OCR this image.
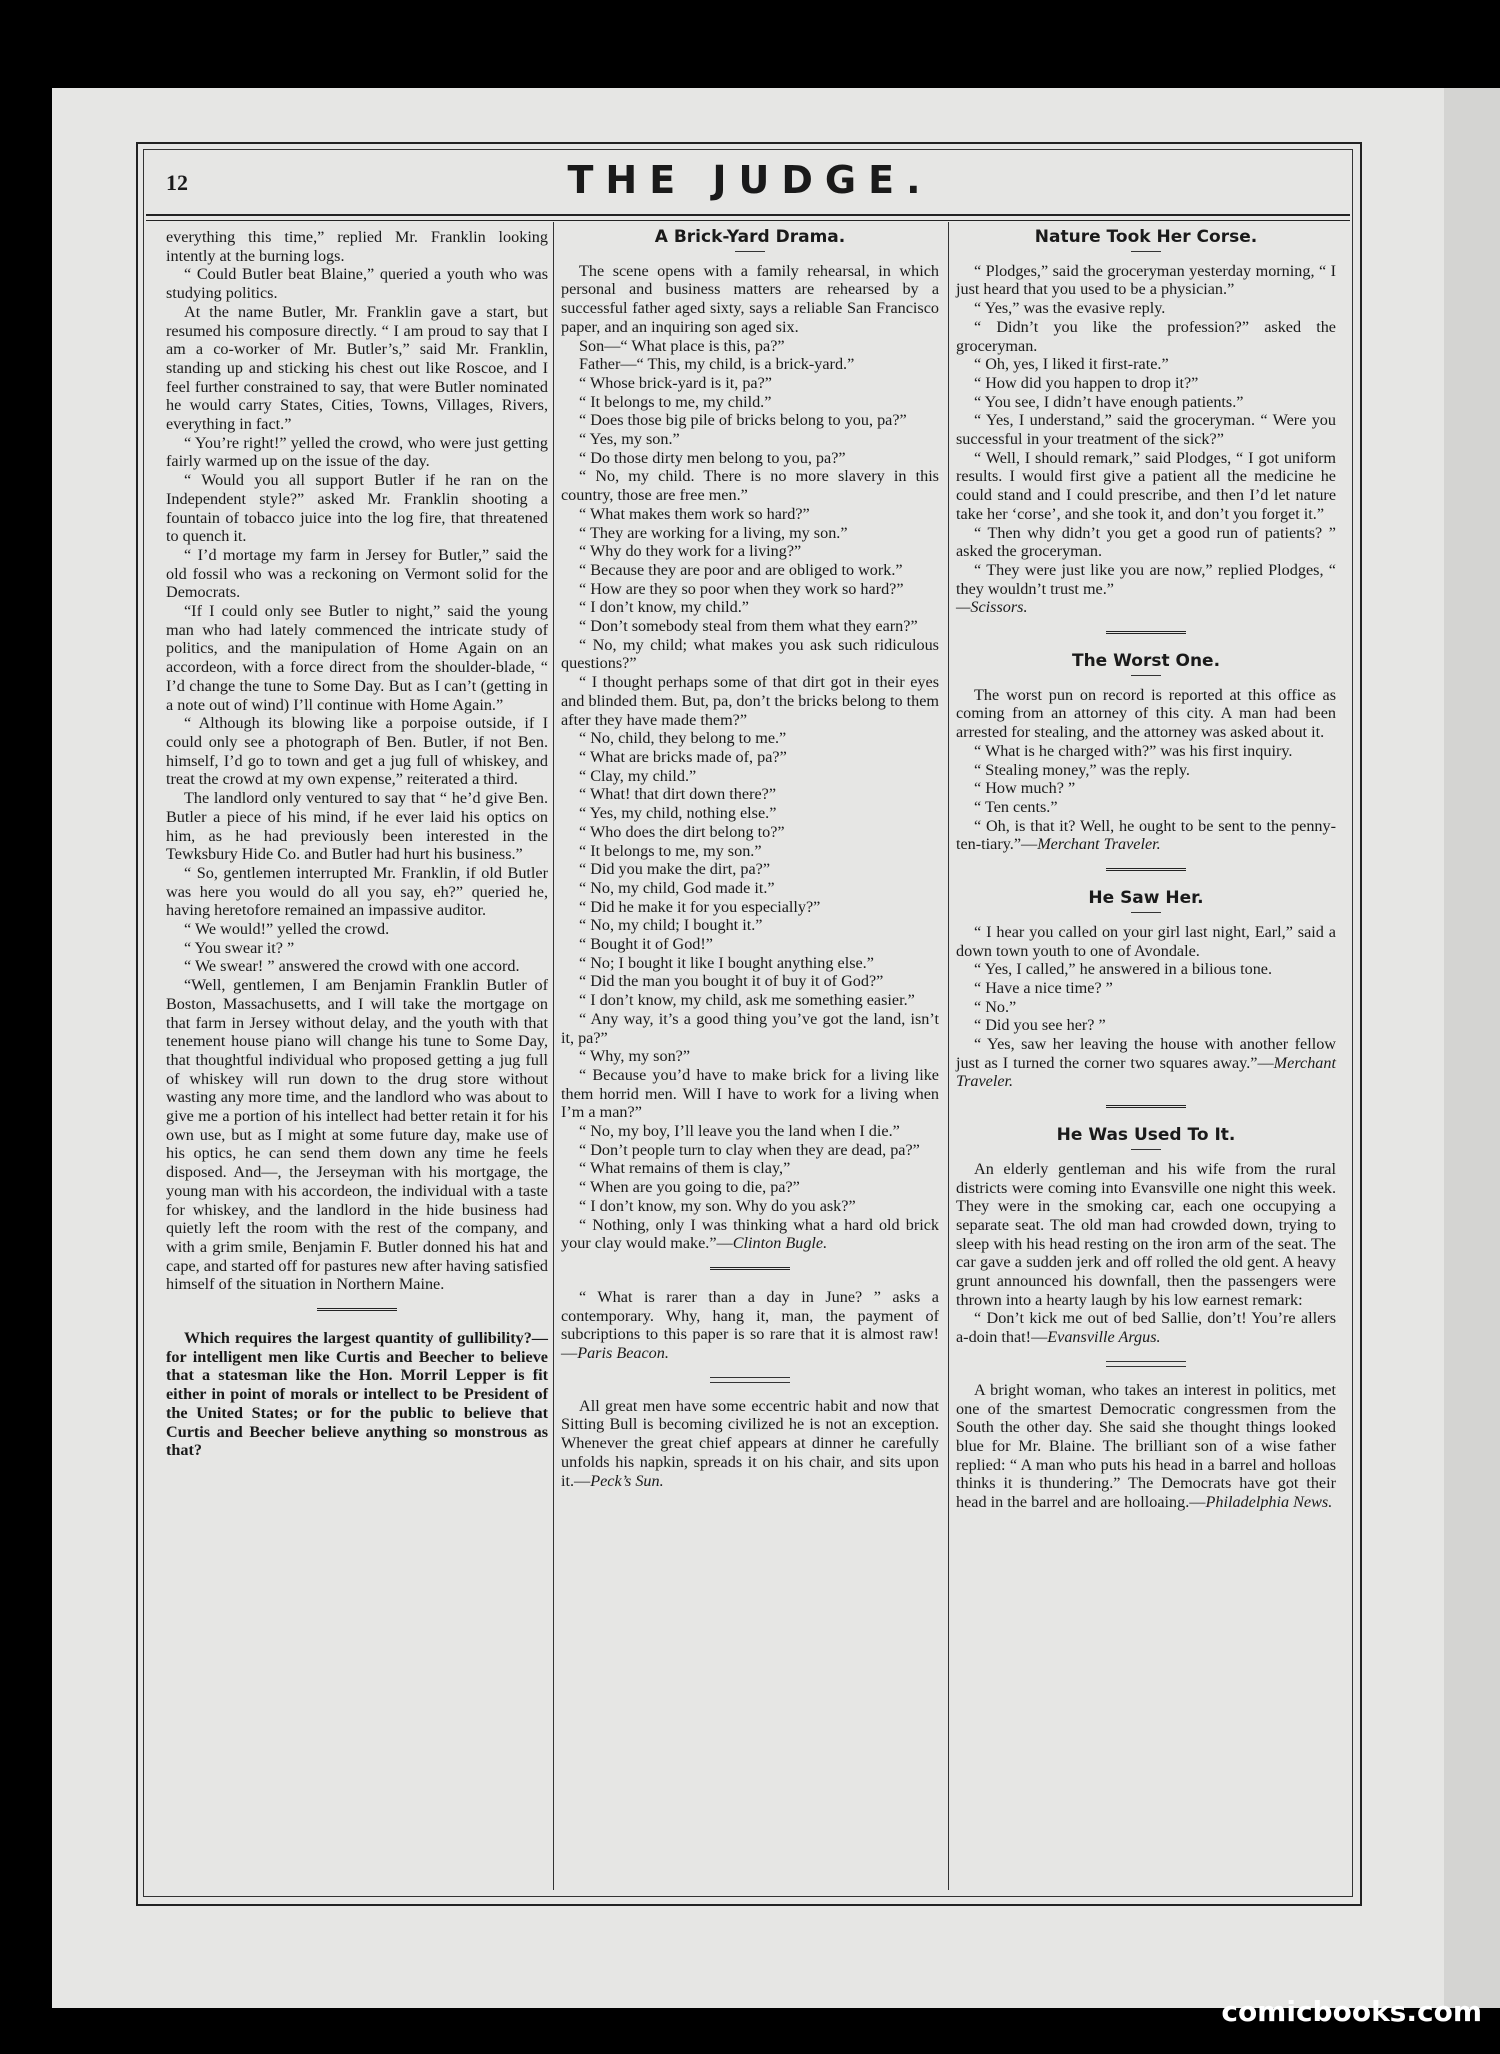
12	THE JUDGE.

everything this time,” replied Mr. Franklin looking intently at the burning logs.

“ Could Butler beat Blaine,” queried a youth who was studying politics.

At the name Butler, Mr. Franklin gave a start, but resumed his composure directly. “ I am proud to say that I am a co-worker of Mr. Butler’s,” said Mr. Franklin, standing up and sticking his chest out like Roscoe, and I feel further constrained to say, that were Butler nominated he would carry States, Cities, Towns, Villages, Rivers, everything in fact.”

“ You’re right!” yelled the crowd, who were just getting fairly warmed up on the issue of the day.

“ Would you all support Butler if he ran on the Independent style?” asked Mr. Franklin shooting a fountain of tobacco juice into the log fire, that threatened to quench it.

“ I’d mortage my farm in Jersey for Butler,” said the old fossil who was a reckoning on Vermont solid for the Democrats.

“If I could only see Butler to night,” said the young man who had lately commenced the intricate study of politics, and the manipulation of Home Again on an accordeon, with a force direct from the shoulder-blade, “ I’d change the tune to Some Day. But as I can’t (getting in a note out of wind) I’ll continue with Home Again.”

“ Although its blowing like a porpoise outside, if I could only see a photograph of Ben. Butler, if not Ben. himself, I’d go to town and get a jug full of whiskey, and treat the crowd at my own expense,” reiterated a third.

The landlord only ventured to say that “ he’d give Ben. Butler a piece of his mind, if he ever laid his optics on him, as he had previously been interested in the Tewksbury Hide Co. and Butler had hurt his business.”

“ So, gentlemen interrupted Mr. Franklin, if old Butler was here you would do all you say, eh?” queried he, having heretofore remained an impassive auditor.

“ We would!” yelled the crowd.

“ You swear it? ”

“ We swear! ” answered the crowd with one accord.

“Well, gentlemen, I am Benjamin Franklin Butler of Boston, Massachusetts, and I will take the mortgage on that farm in Jersey without delay, and the youth with that tenement house piano will change his tune to Some Day, that thoughtful individual who proposed getting a jug full of whiskey will run down to the drug store without wasting any more time, and the landlord who was about to give me a portion of his intellect had better retain it for his own use, but as I might at some future day, make use of his optics, he can send them down any time he feels disposed. And—, the Jerseyman with his mortgage, the young man with his accordeon, the individual with a taste for whiskey, and the landlord in the hide business had quietly left the room with the rest of the company, and with a grim smile, Benjamin F. Butler donned his hat and cape, and started off for pastures new after having satisfied himself of the situation in Northern Maine.

Which requires the largest quantity of gullibility?—for intelligent men like Curtis and Beecher to believe that a statesman like the Hon. Morril Lepper is fit either in point of morals or intellect to be President of the United States; or for the public to believe that Curtis and Beecher believe anything so monstrous as that?

A Brick-Yard Drama.

The scene opens with a family rehearsal, in which personal and business matters are rehearsed by a successful father aged sixty, says a reliable San Francisco paper, and an inquiring son aged six.

Son—“ What place is this, pa?”

Father—“ This, my child, is a brick-yard.”

“ Whose brick-yard is it, pa?”

“ It belongs to me, my child.”

“ Does those big pile of bricks belong to you, pa?”

“ Yes, my son.”

“ Do those dirty men belong to you, pa?”

“ No, my child. There is no more slavery in this country, those are free men.”

“ What makes them work so hard?”

“ They are working for a living, my son.”

“ Why do they work for a living?”

“ Because they are poor and are obliged to work.”

“ How are they so poor when they work so hard?”

“ I don’t know, my child.”

“ Don’t somebody steal from them what they earn?”

“ No, my child; what makes you ask such ridiculous questions?”

“ I thought perhaps some of that dirt got in their eyes and blinded them. But, pa, don’t the bricks belong to them after they have made them?”

“ No, child, they belong to me.”

“ What are bricks made of, pa?”

“ Clay, my child.”

“ What! that dirt down there?”

“ Yes, my child, nothing else.”

“ Who does the dirt belong to?”

“ It belongs to me, my son.”

“ Did you make the dirt, pa?”

“ No, my child, God made it.”

“ Did he make it for you especially?”

“ No, my child; I bought it.”

“ Bought it of God!”

“ No; I bought it like I bought anything else.”

“ Did the man you bought it of buy it of God?”

“ I don’t know, my child, ask me something easier.”

“ Any way, it’s a good thing you’ve got the land, isn’t it, pa?”

“ Why, my son?”

“ Because you’d have to make brick for a living like them horrid men. Will I have to work for a living when I’m a man?”

“ No, my boy, I’ll leave you the land when I die.”

“ Don’t people turn to clay when they are dead, pa?”

“ What remains of them is clay,”

“ When are you going to die, pa?”

“ I don’t know, my son. Why do you ask?”

“ Nothing, only I was thinking what a hard old brick your clay would make.”—Clinton Bugle.

“ What is rarer than a day in June? ” asks a contemporary. Why, hang it, man, the payment of subcriptions to this paper is so rare that it is almost raw!—Paris Beacon.

All great men have some eccentric habit and now that Sitting Bull is becoming civilized he is not an exception. Whenever the great chief appears at dinner he carefully unfolds his napkin, spreads it on his chair, and sits upon it.—Peck’s Sun.

Nature Took Her Corse.

“ Plodges,” said the groceryman yesterday morning, “ I just heard that you used to be a physician.”

“ Yes,” was the evasive reply.

“ Didn’t you like the profession?” asked the groceryman.

“ Oh, yes, I liked it first-rate.”

“ How did you happen to drop it?”

“ You see, I didn’t have enough patients.”

“ Yes, I understand,” said the groceryman. “ Were you successful in your treatment of the sick?”

“ Well, I should remark,” said Plodges, “ I got uniform results. I would first give a patient all the medicine he could stand and I could prescribe, and then I’d let nature take her ‘corse’, and she took it, and don’t you forget it.”

“ Then why didn’t you get a good run of patients? ” asked the groceryman.

“ They were just like you are now,” replied Plodges, “ they wouldn’t trust me.”

—Scissors.

The Worst One.

The worst pun on record is reported at this office as coming from an attorney of this city. A man had been arrested for stealing, and the attorney was asked about it.

“ What is he charged with?” was his first inquiry.

“ Stealing money,” was the reply.

“ How much? ”

“ Ten cents.”

“ Oh, is that it? Well, he ought to be sent to the penny-ten-tiary.”—Merchant Traveler.

He Saw Her.

“ I hear you called on your girl last night, Earl,” said a down town youth to one of Avondale.

“ Yes, I called,” he answered in a bilious tone.

“ Have a nice time? ”

“ No.”

“ Did you see her? ”

“ Yes, saw her leaving the house with another fellow just as I turned the corner two squares away.”—Merchant Traveler.

He Was Used To It.

An elderly gentleman and his wife from the rural districts were coming into Evansville one night this week. They were in the smoking car, each one occupying a separate seat. The old man had crowded down, trying to sleep with his head resting on the iron arm of the seat. The car gave a sudden jerk and off rolled the old gent. A heavy grunt announced his downfall, then the passengers were thrown into a hearty laugh by his low earnest remark:

“ Don’t kick me out of bed Sallie, don’t! You’re allers a-doin that!—Evansville Argus.

A bright woman, who takes an interest in politics, met one of the smartest Democratic congressmen from the South the other day. She said she thought things looked blue for Mr. Blaine. The brilliant son of a wise father replied: “ A man who puts his head in a barrel and holloas thinks it is thundering.” The Democrats have got their head in the barrel and are holloaing.—Philadelphia News.

comicbooks.com
